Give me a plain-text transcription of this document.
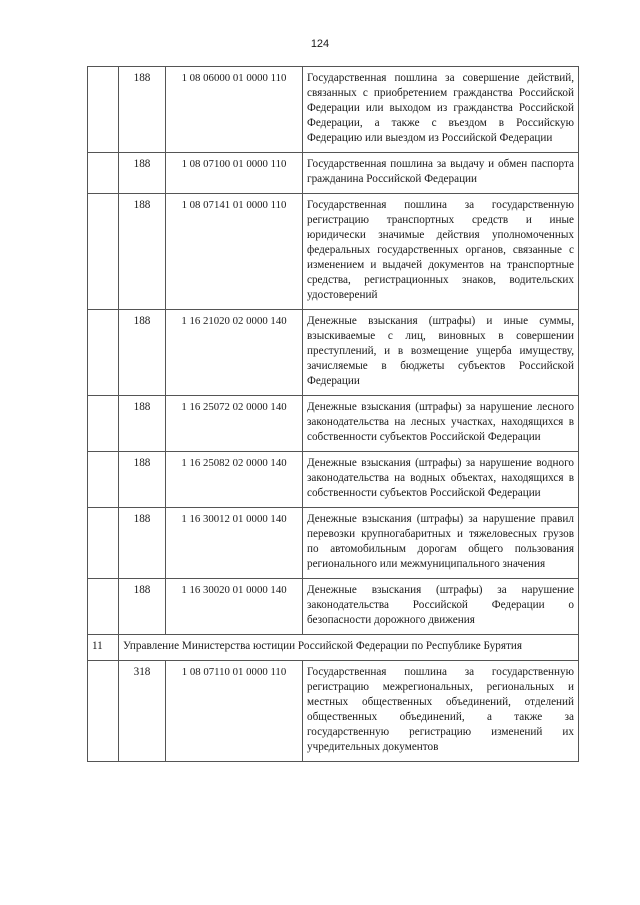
124
	188	1 08 06000 01 0000 110	Государственная пошлина за совершение действий, связанных с приобретением гражданства Российской Федерации или выходом из гражданства Российской Федерации, а также с въездом в Российскую Федерацию или выездом из Российской Федерации
	188	1 08 07100 01 0000 110	Государственная пошлина за выдачу и обмен паспорта гражданина Российской Федерации
	188	1 08 07141 01 0000 110	Государственная пошлина за государственную регистрацию транспортных средств и иные юридически значимые действия уполномоченных федеральных государственных органов, связанные с изменением и выдачей документов на транспортные средства, регистрационных знаков, водительских удостоверений
	188	1 16 21020 02 0000 140	Денежные взыскания (штрафы) и иные суммы, взыскиваемые с лиц, виновных в совершении преступлений, и в возмещение ущерба имуществу, зачисляемые в бюджеты субъектов Российской Федерации
	188	1 16 25072 02 0000 140	Денежные взыскания (штрафы) за нарушение лесного законодательства на лесных участках, находящихся в собственности субъектов Российской Федерации
	188	1 16 25082 02 0000 140	Денежные взыскания (штрафы) за нарушение водного законодательства на водных объектах, находящихся в собственности субъектов Российской Федерации
	188	1 16 30012 01 0000 140	Денежные взыскания (штрафы) за нарушение правил перевозки крупногабаритных и тяжеловесных грузов по автомобильным дорогам общего пользования регионального или межмуниципального значения
	188	1 16 30020 01 0000 140	Денежные взыскания (штрафы) за нарушение законодательства Российской Федерации о безопасности дорожного движения
11	Управление Министерства юстиции Российской Федерации по Республике Бурятия		
	318	1 08 07110 01 0000 110	Государственная пошлина за государственную регистрацию межрегиональных, региональных и местных общественных объединений, отделений общественных объединений, а также за государственную регистрацию изменений их учредительных документов
